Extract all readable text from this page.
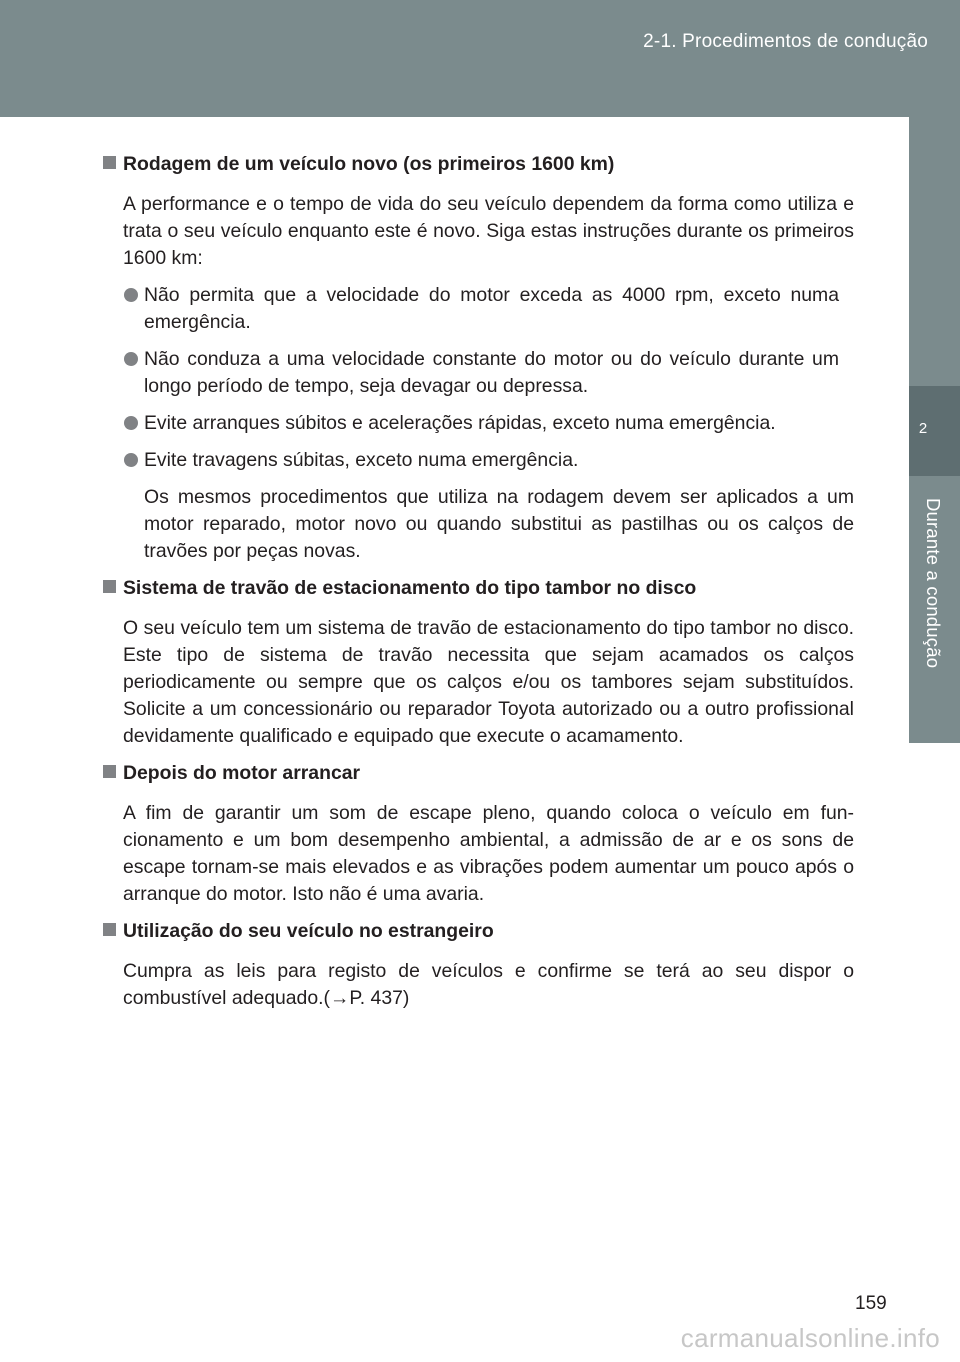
2-1. Procedimentos de condução
2
Durante a condução
Rodagem de um veículo novo (os primeiros 1600 km)

A performance e o tempo de vida do seu veículo dependem da forma como utiliza e trata o seu veículo enquanto este é novo. Siga estas instruções durante os primeiros 1600 km:

Não permita que a velocidade do motor exceda as 4000 rpm, exceto numa emergência.
Não conduza a uma velocidade constante do motor ou do veículo durante um longo período de tempo, seja devagar ou depressa.
Evite arranques súbitos e acelerações rápidas, exceto numa emergência.
Evite travagens súbitas, exceto numa emergência.

Os mesmos procedimentos que utiliza na rodagem devem ser aplicados a um motor reparado, motor novo ou quando substitui as pastilhas ou os calços de travões por peças novas.

Sistema de travão de estacionamento do tipo tambor no disco

O seu veículo tem um sistema de travão de estacionamento do tipo tambor no disco. Este tipo de sistema de travão necessita que sejam acamados os calços periodicamente ou sempre que os calços e/ou os tambores sejam substituídos. Solicite a um concessionário ou reparador Toyota autorizado ou a outro profissional devidamente qualificado e equipado que execute o acamamento.

Depois do motor arrancar

A fim de garantir um som de escape pleno, quando coloca o veículo em fun-cionamento e um bom desempenho ambiental, a admissão de ar e os sons de escape tornam-se mais elevados e as vibrações podem aumentar um pouco após o arranque do motor. Isto não é uma avaria.

Utilização do seu veículo no estrangeiro

Cumpra as leis para registo de veículos e confirme se terá ao seu dispor o combustível adequado.(→P. 437)

159
carmanualsonline.info
